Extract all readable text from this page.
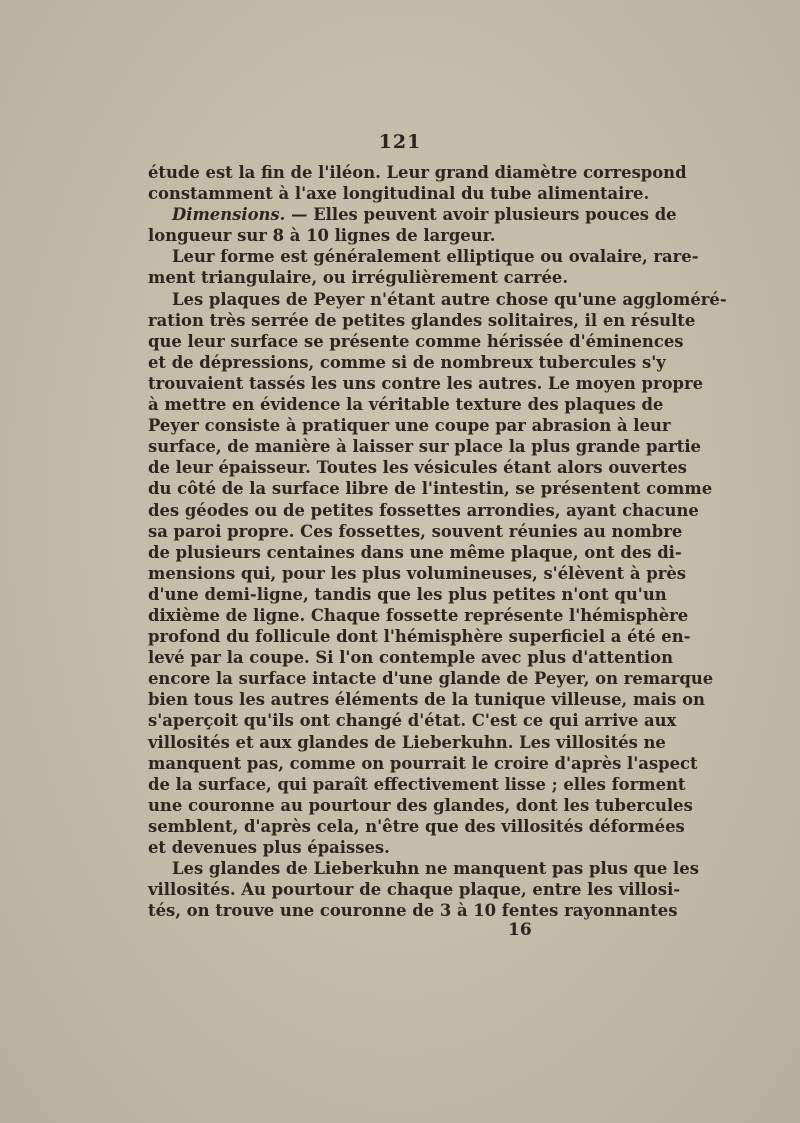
121
étude est la fin de l'iléon. Leur grand diamètre correspond
constamment à l'axe longitudinal du tube alimentaire.
Dimensions. — Elles peuvent avoir plusieurs pouces de
longueur sur 8 à 10 lignes de largeur.
Leur forme est généralement elliptique ou ovalaire, rare-
ment triangulaire, ou irrégulièrement carrée.
Les plaques de Peyer n'étant autre chose qu'une aggloméré-
ration très serrée de petites glandes solitaires, il en résulte
que leur surface se présente comme hérissée d'éminences
et de dépressions, comme si de nombreux tubercules s'y
trouvaient tassés les uns contre les autres. Le moyen propre
à mettre en évidence la véritable texture des plaques de
Peyer consiste à pratiquer une coupe par abrasion à leur
surface, de manière à laisser sur place la plus grande partie
de leur épaisseur. Toutes les vésicules étant alors ouvertes
du côté de la surface libre de l'intestin, se présentent comme
des géodes ou de petites fossettes arrondies, ayant chacune
sa paroi propre. Ces fossettes, souvent réunies au nombre
de plusieurs centaines dans une même plaque, ont des di-
mensions qui, pour les plus volumineuses, s'élèvent à près
d'une demi-ligne, tandis que les plus petites n'ont qu'un
dixième de ligne. Chaque fossette représente l'hémisphère
profond du follicule dont l'hémisphère superficiel a été en-
levé par la coupe. Si l'on contemple avec plus d'attention
encore la surface intacte d'une glande de Peyer, on remarque
bien tous les autres éléments de la tunique villeuse, mais on
s'aperçoit qu'ils ont changé d'état. C'est ce qui arrive aux
villosités et aux glandes de Lieberkuhn. Les villosités ne
manquent pas, comme on pourrait le croire d'après l'aspect
de la surface, qui paraît effectivement lisse ; elles forment
une couronne au pourtour des glandes, dont les tubercules
semblent, d'après cela, n'être que des villosités déformées
et devenues plus épaisses.
Les glandes de Lieberkuhn ne manquent pas plus que les
villosités. Au pourtour de chaque plaque, entre les villosi-
tés, on trouve une couronne de 3 à 10 fentes rayonnantes
16
